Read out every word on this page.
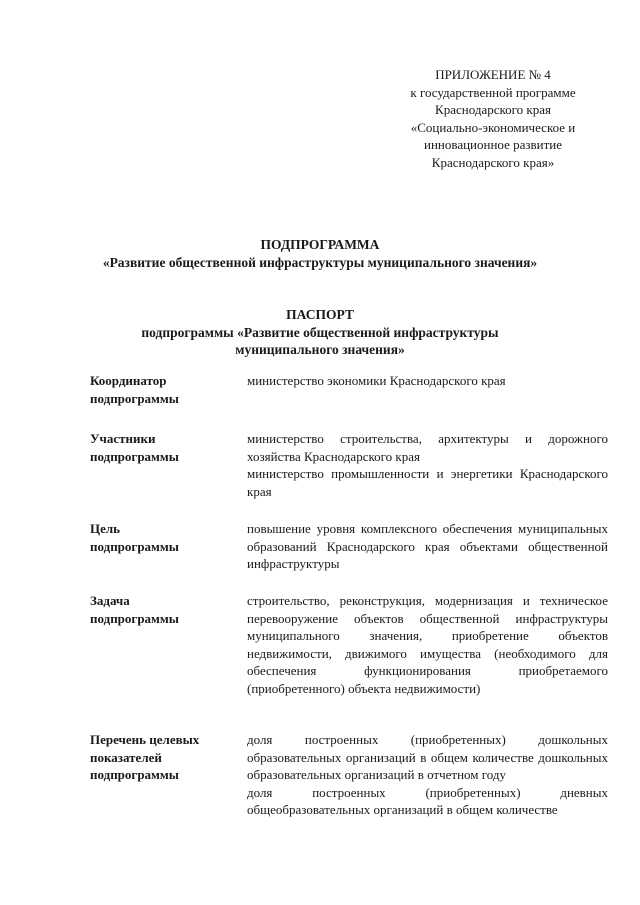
ПРИЛОЖЕНИЕ № 4
к государственной программе
Краснодарского края
«Социально-экономическое и
инновационное развитие
Краснодарского края»
ПОДПРОГРАММА
«Развитие общественной инфраструктуры муниципального значения»
ПАСПОРТ
подпрограммы «Развитие общественной инфраструктуры
муниципального значения»
Координатор
подпрограммы

министерство экономики Краснодарского края

Участники
подпрограммы

министерство строительства, архитектуры и дорожного хозяйства Краснодарского края

министерство промышленности и энергетики Краснодарского края

Цель
подпрограммы

повышение уровня комплексного обеспечения муниципальных образований Краснодарского края объектами общественной инфраструктуры

Задача
подпрограммы

строительство, реконструкция, модернизация и техническое перевооружение объектов общественной инфраструктуры муниципального значения, приобретение объектов недвижимости, движимого имущества (необходимого для обеспечения функционирования приобретаемого (приобретенного) объекта недвижимости)

Перечень целевых
показателей
подпрограммы

доля построенных (приобретенных) дошкольных образовательных организаций в общем количестве дошкольных образовательных организаций в отчетном году

доля построенных (приобретенных) дневных общеобразовательных организаций в общем количестве
